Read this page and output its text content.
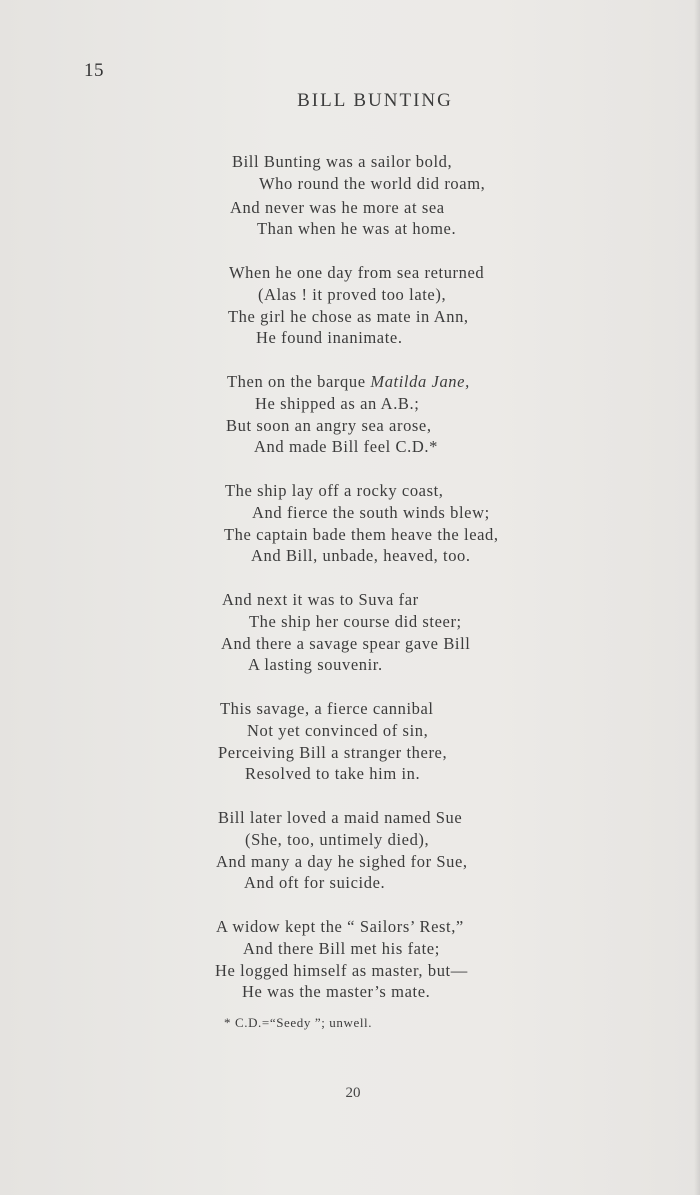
15
BILL BUNTING
Bill Bunting was a sailor bold,
Who round the world did roam,
And never was he more at sea
Than when he was at home.
When he one day from sea returned
(Alas ! it proved too late),
The girl he chose as mate in Ann,
He found inanimate.
Then on the barque Matilda Jane,
He shipped as an A.B.;
But soon an angry sea arose,
And made Bill feel C.D.*
The ship lay off a rocky coast,
And fierce the south winds blew;
The captain bade them heave the lead,
And Bill, unbade, heaved, too.
And next it was to Suva far
The ship her course did steer;
And there a savage spear gave Bill
A lasting souvenir.
This savage, a fierce cannibal
Not yet convinced of sin,
Perceiving Bill a stranger there,
Resolved to take him in.
Bill later loved a maid named Sue
(She, too, untimely died),
And many a day he sighed for Sue,
And oft for suicide.
A widow kept the “ Sailors’ Rest,”
And there Bill met his fate;
He logged himself as master, but—
He was the master’s mate.
* C.D.=“Seedy ”; unwell.
20
